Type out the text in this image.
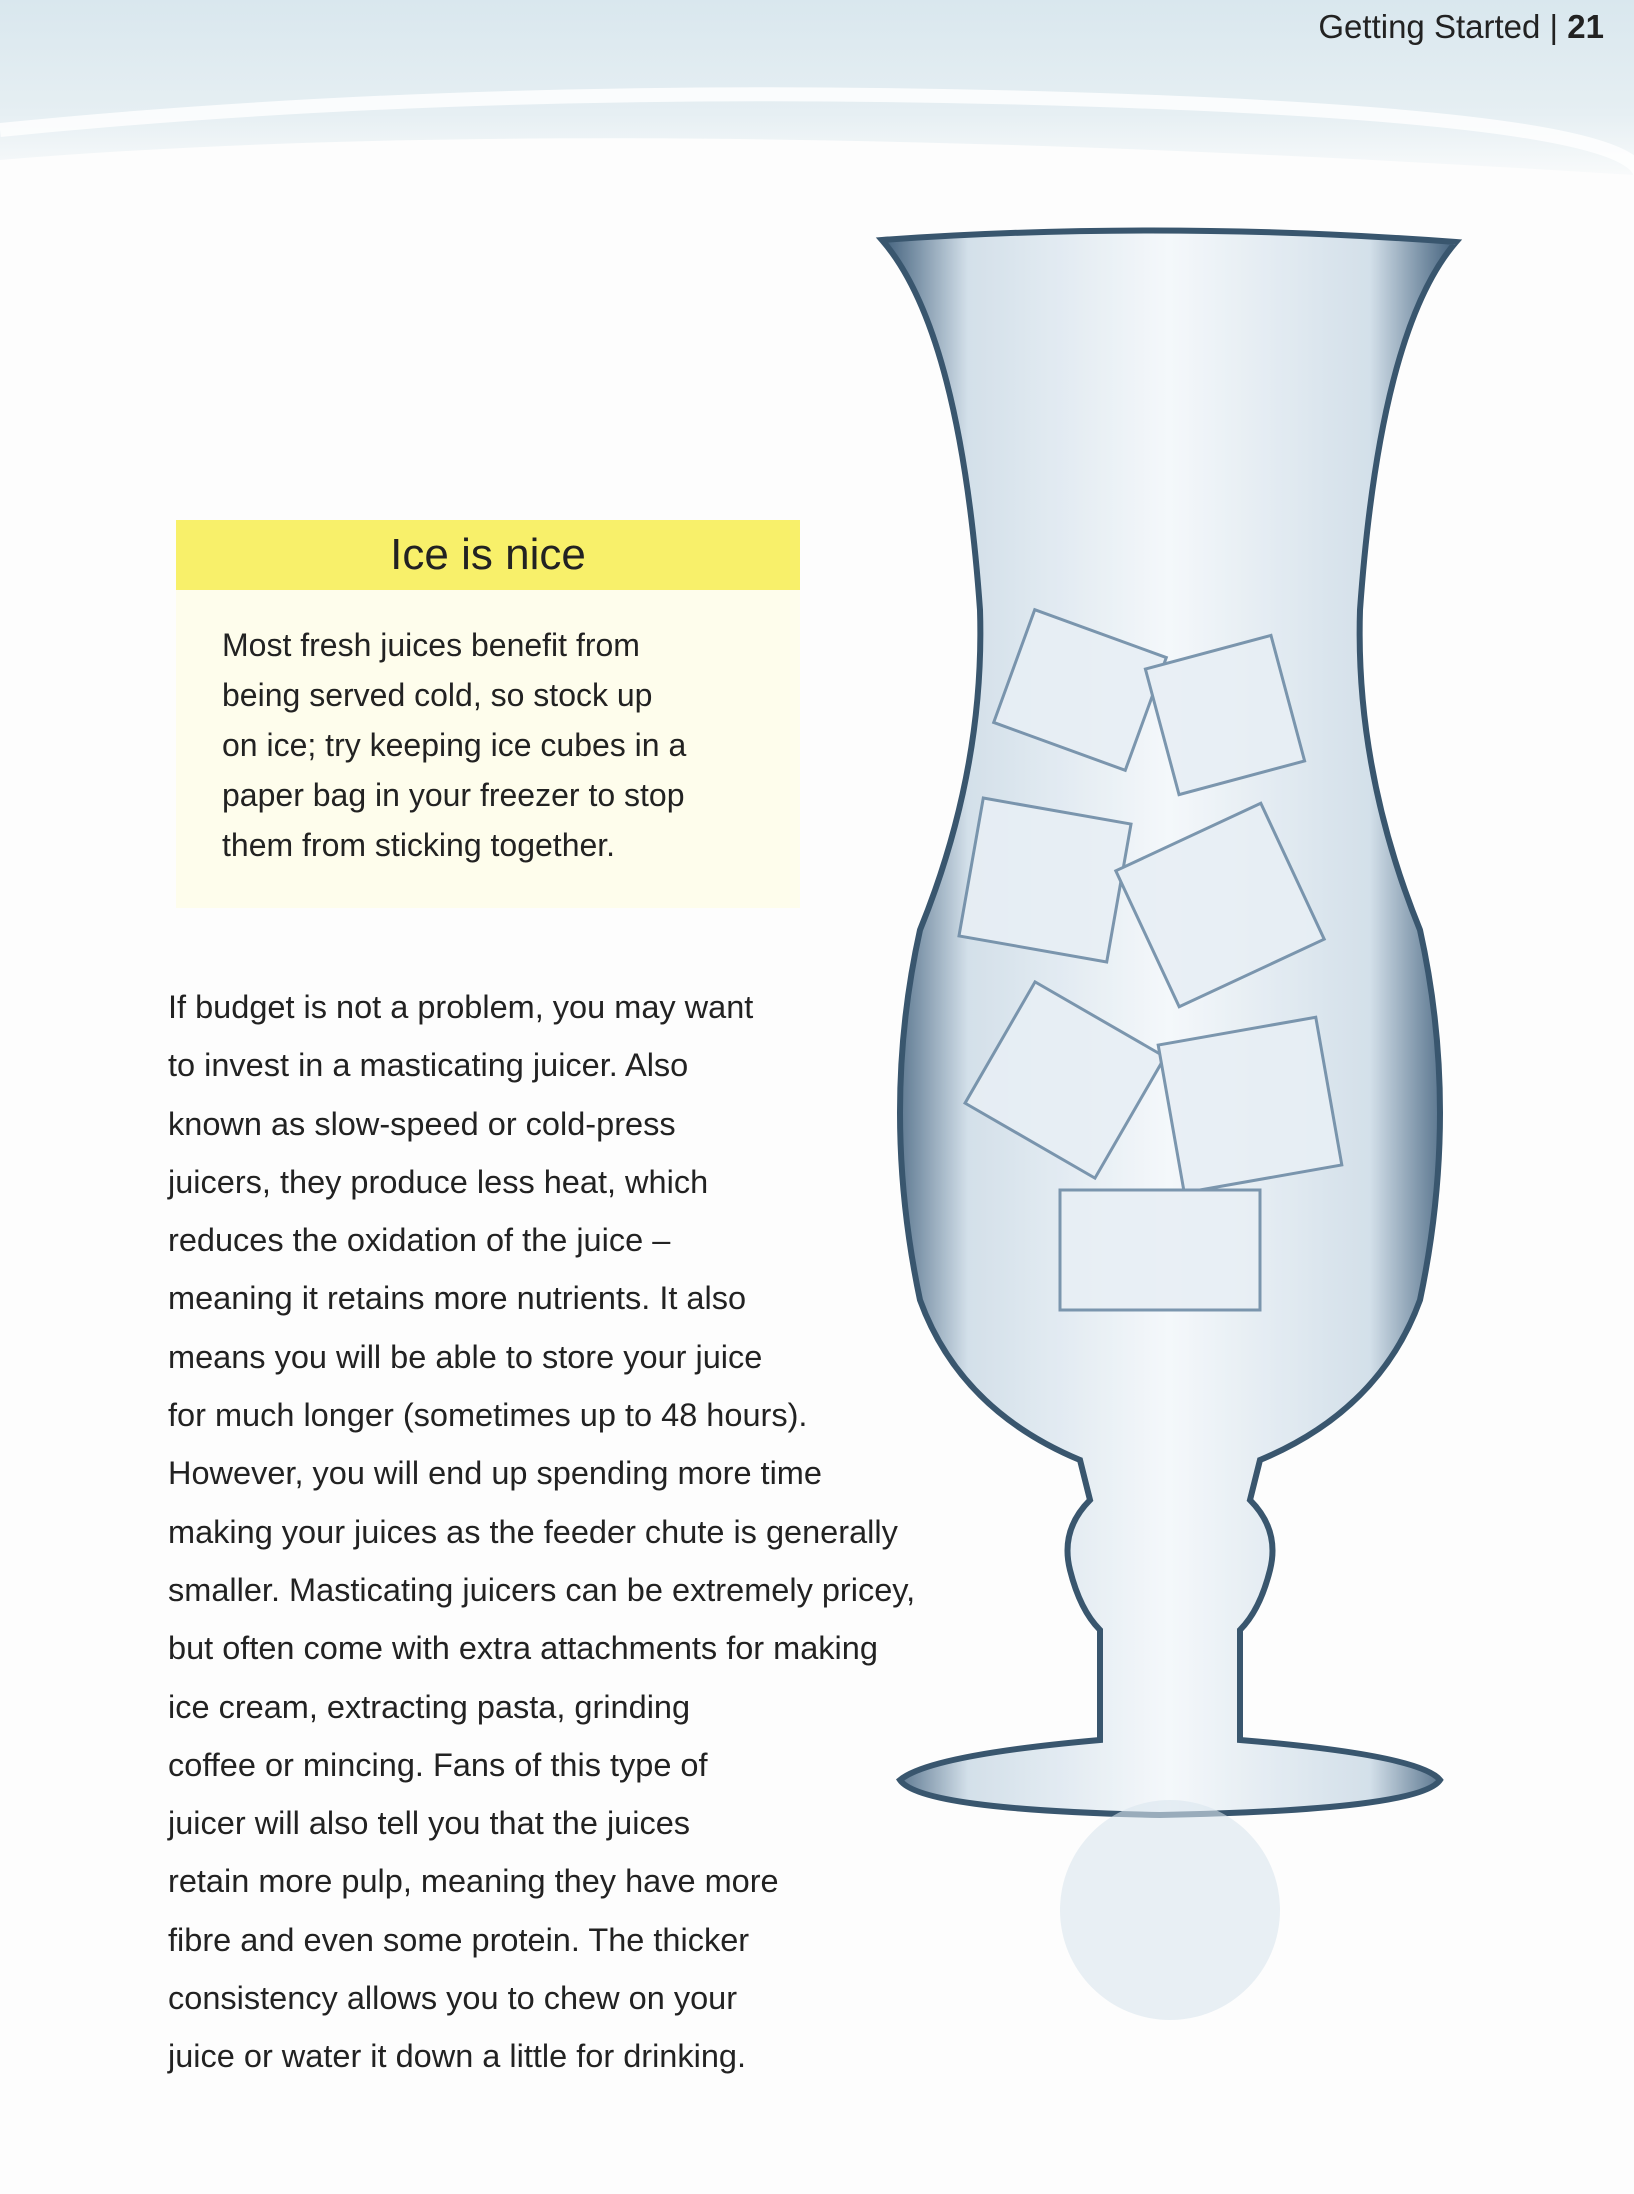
Getting Started | 21
Ice is nice
Most fresh juices benefit from
being served cold, so stock up
on ice; try keeping ice cubes in a
paper bag in your freezer to stop
them from sticking together.
If budget is not a problem, you may want
to invest in a masticating juicer. Also
known as slow-speed or cold-press
juicers, they produce less heat, which
reduces the oxidation of the juice –
meaning it retains more nutrients. It also
means you will be able to store your juice
for much longer (sometimes up to 48 hours).
However, you will end up spending more time
making your juices as the feeder chute is generally
smaller. Masticating juicers can be extremely pricey,
but often come with extra attachments for making
ice cream, extracting pasta, grinding
coffee or mincing. Fans of this type of
juicer will also tell you that the juices
retain more pulp, meaning they have more
fibre and even some protein. The thicker
consistency allows you to chew on your
juice or water it down a little for drinking.
